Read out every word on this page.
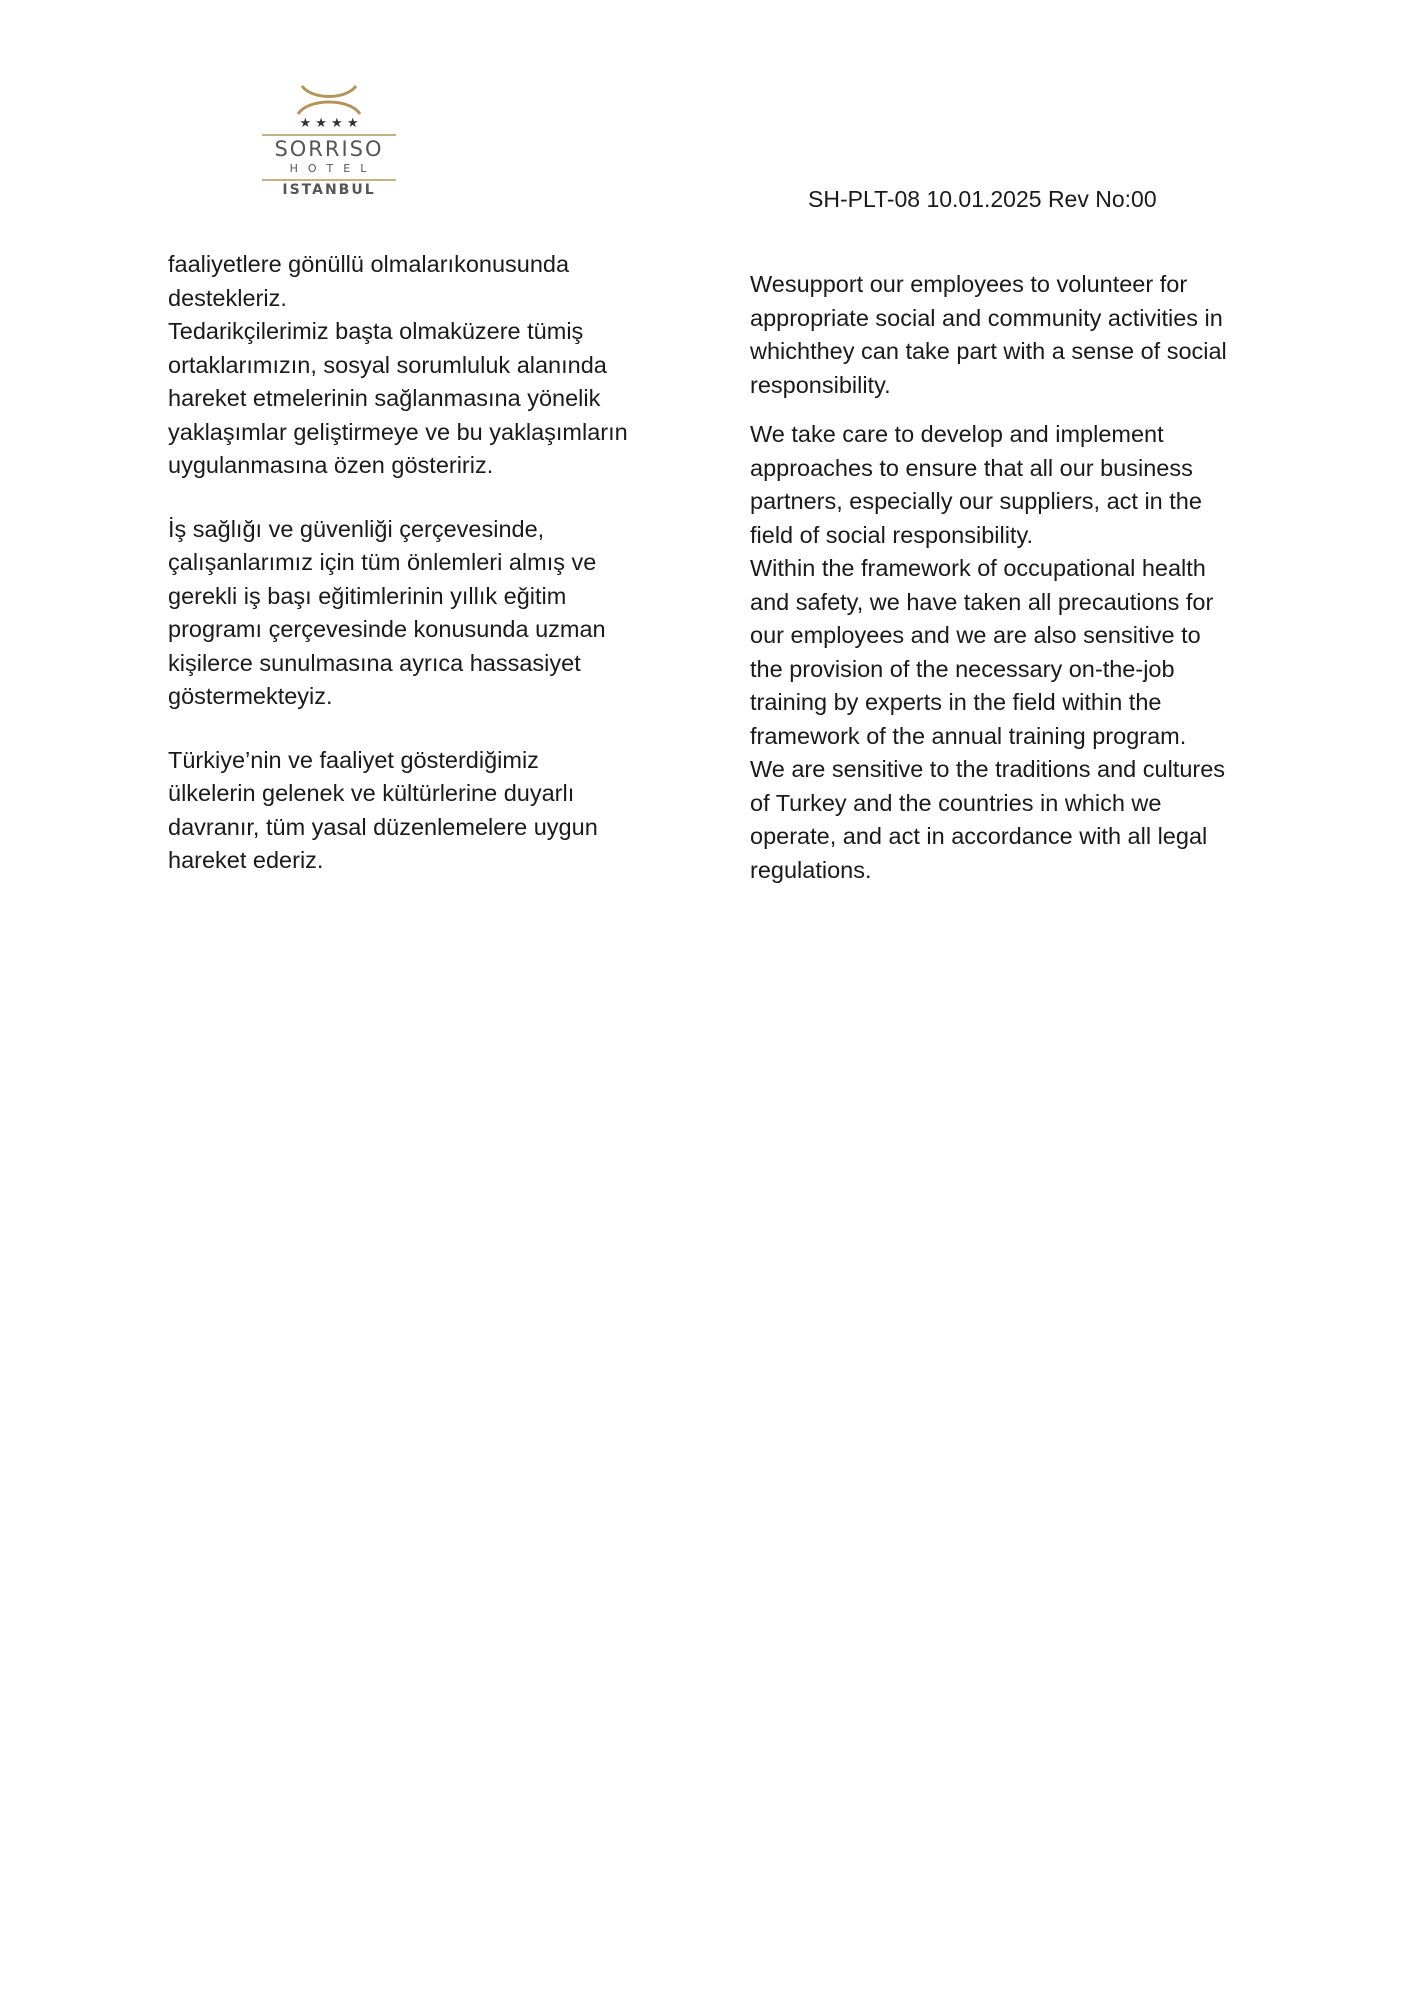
★ ★ ★ ★
SORRISO
HOTEL
ISTANBUL	SH-PLT-08 10.01.2025 Rev No:00

faaliyetlere gönüllü olmalarıkonusunda
destekleriz.
Tedarikçilerimiz başta olmaküzere tümiş
ortaklarımızın, sosyal sorumluluk alanında
hareket etmelerinin sağlanmasına yönelik
yaklaşımlar geliştirmeye ve bu yaklaşımların
uygulanmasına özen gösteririz.

İş sağlığı ve güvenliği çerçevesinde,
çalışanlarımız için tüm önlemleri almış ve
gerekli iş başı eğitimlerinin yıllık eğitim
programı çerçevesinde konusunda uzman
kişilerce sunulmasına ayrıca hassasiyet
göstermekteyiz.

Türkiye’nin ve faaliyet gösterdiğimiz
ülkelerin gelenek ve kültürlerine duyarlı
davranır, tüm yasal düzenlemelere uygun
hareket ederiz.

Wesupport our employees to volunteer for
appropriate social and community activities in
whichthey can take part with a sense of social
responsibility.

We take care to develop and implement
approaches to ensure that all our business
partners, especially our suppliers, act in the
field of social responsibility.
Within the framework of occupational health
and safety, we have taken all precautions for
our employees and we are also sensitive to
the provision of the necessary on-the-job
training by experts in the field within the
framework of the annual training program.
We are sensitive to the traditions and cultures
of Turkey and the countries in which we
operate, and act in accordance with all legal
regulations.
